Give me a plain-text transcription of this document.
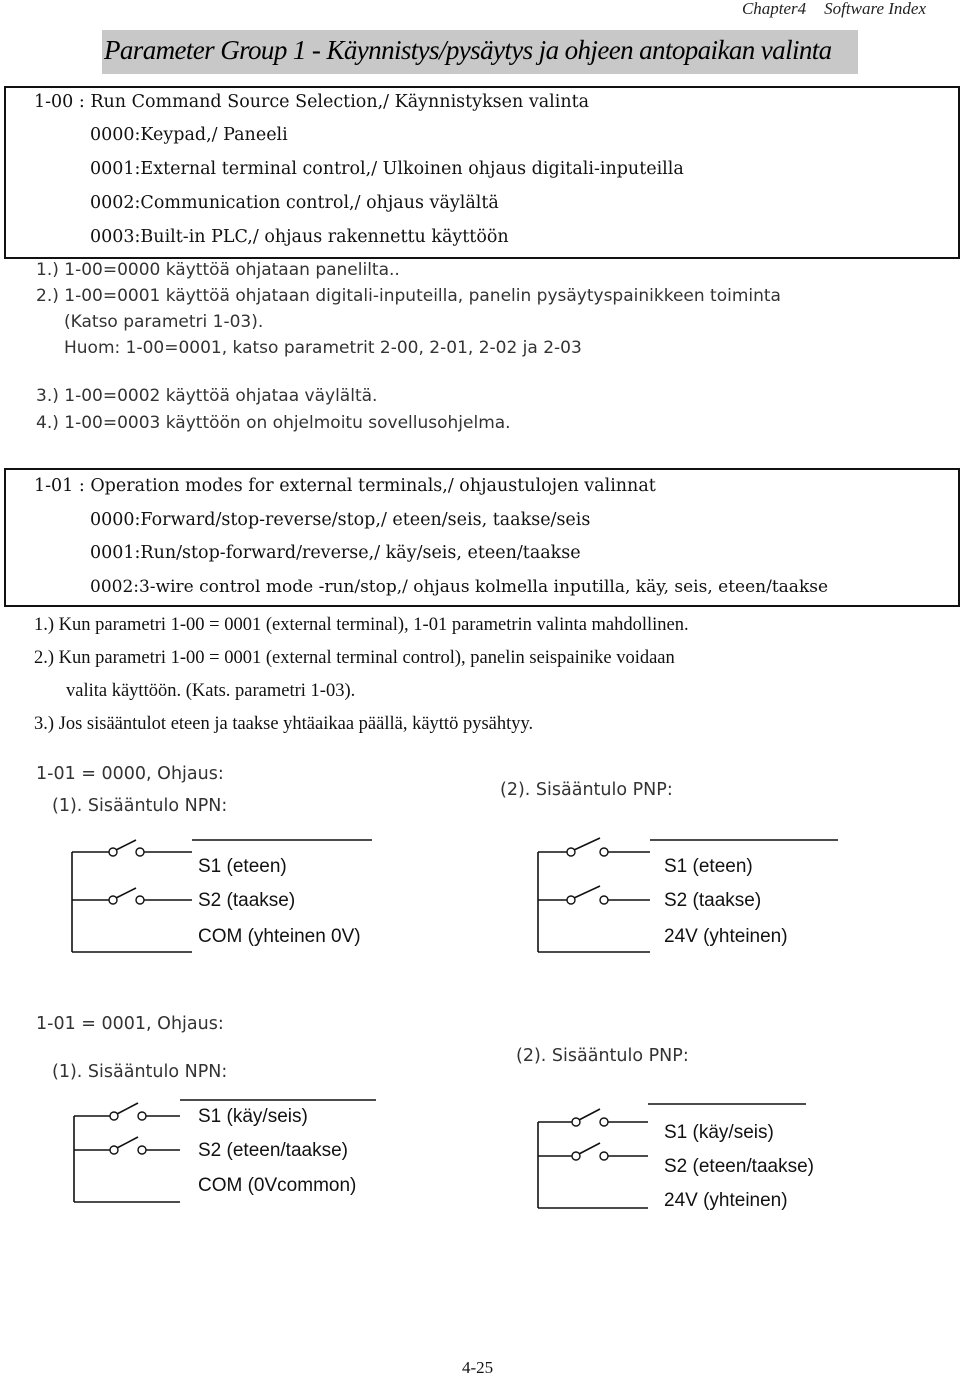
Chapter4 Software Index
Parameter Group 1 - Käynnistys/pysäytys ja ohjeen antopaikan valinta
1-00 : Run Command Source Selection,/ Käynnistyksen valinta
0000:Keypad,/ Paneeli
0001:External terminal control,/ Ulkoinen ohjaus digitali-inputeilla
0002:Communication control,/ ohjaus väylältä
0003:Built-in PLC,/ ohjaus rakennettu käyttöön
1.) 1-00=0000 käyttöä ohjataan panelilta..
2.) 1-00=0001 käyttöä ohjataan digitali-inputeilla, panelin pysäytyspainikkeen toiminta
(Katso parametri 1-03).
Huom: 1-00=0001, katso parametrit 2-00, 2-01, 2-02 ja 2-03
3.) 1-00=0002 käyttöä ohjataa väylältä.
4.) 1-00=0003 käyttöön on ohjelmoitu sovellusohjelma.
1-01 : Operation modes for external terminals,/ ohjaustulojen valinnat
0000:Forward/stop-reverse/stop,/ eteen/seis, taakse/seis
0001:Run/stop-forward/reverse,/ käy/seis, eteen/taakse
0002:3-wire control mode -run/stop,/ ohjaus kolmella inputilla, käy, seis, eteen/taakse
1.) Kun parametri 1-00 = 0001 (external terminal), 1-01 parametrin valinta mahdollinen.
2.) Kun parametri 1-00 = 0001 (external terminal control), panelin seispainike voidaan
valita käyttöön. (Kats. parametri 1-03).
3.) Jos sisääntulot eteen ja taakse yhtäaikaa päällä, käyttö pysähtyy.
1-01 = 0000, Ohjaus:
(1). Sisääntulo NPN:
(2). Sisääntulo PNP:
S1 (eteen)
S2 (taakse)
COM (yhteinen 0V)
S1 (eteen)
S2 (taakse)
24V (yhteinen)
1-01 = 0001, Ohjaus:
(1). Sisääntulo NPN:
(2). Sisääntulo PNP:
S1 (käy/seis)
S2 (eteen/taakse)
COM (0Vcommon)
S1 (käy/seis)
S2 (eteen/taakse)
24V (yhteinen)
4-25
